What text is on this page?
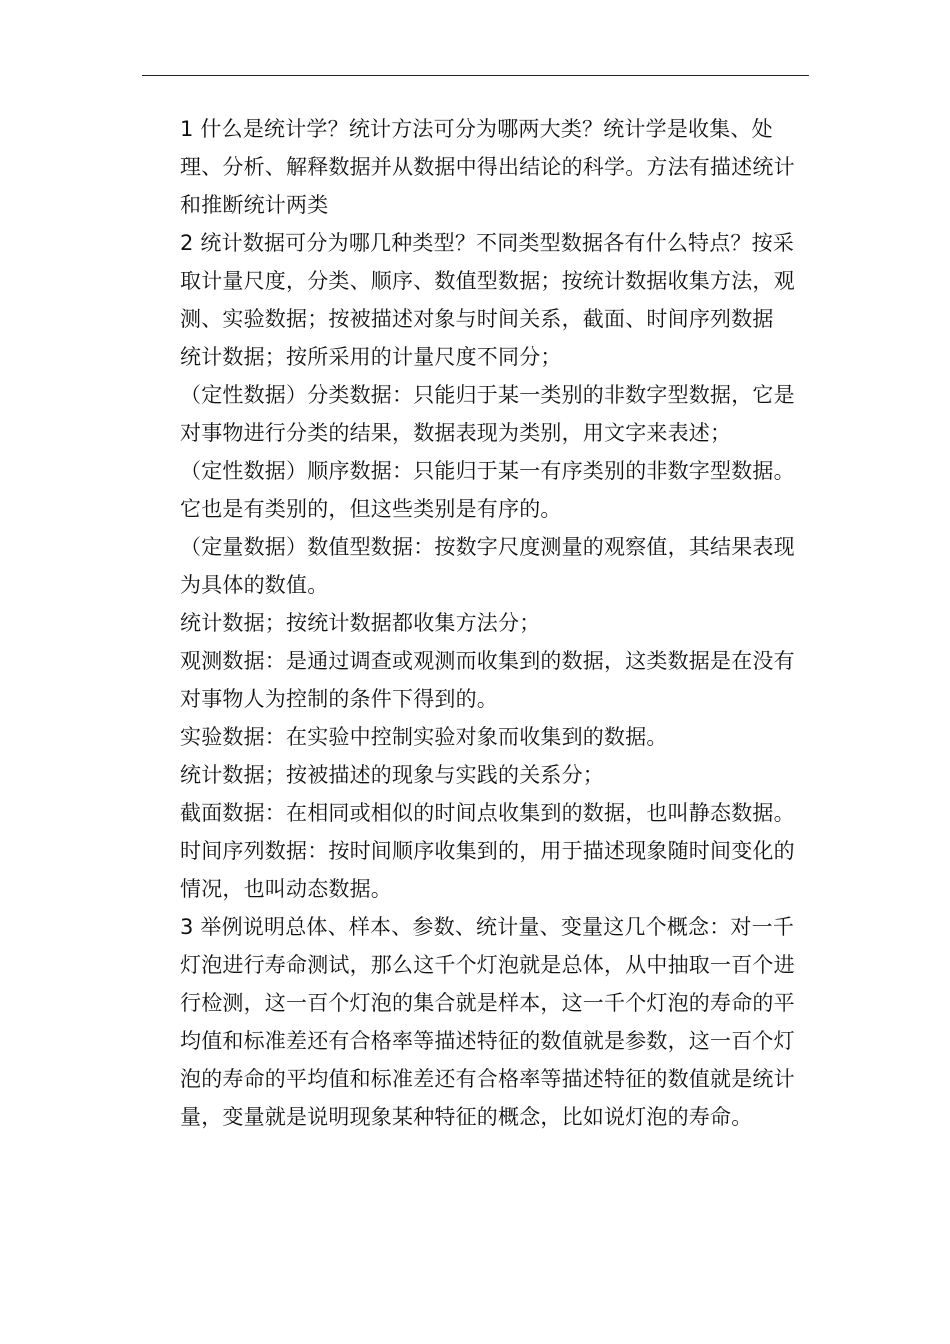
1 什么是统计学？统计方法可分为哪两大类？统计学是收集、处理、分析、解释数据并从数据中得出结论的科学。方法有描述统计和推断统计两类

2 统计数据可分为哪几种类型？不同类型数据各有什么特点？按采取计量尺度，分类、顺序、数值型数据；按统计数据收集方法，观测、实验数据；按被描述对象与时间关系，截面、时间序列数据

统计数据；按所采用的计量尺度不同分；

（定性数据）分类数据：只能归于某一类别的非数字型数据，它是对事物进行分类的结果，数据表现为类别，用文字来表述；

（定性数据）顺序数据：只能归于某一有序类别的非数字型数据。它也是有类别的，但这些类别是有序的。

（定量数据）数值型数据：按数字尺度测量的观察值，其结果表现为具体的数值。

统计数据；按统计数据都收集方法分；

观测数据：是通过调查或观测而收集到的数据，这类数据是在没有对事物人为控制的条件下得到的。

实验数据：在实验中控制实验对象而收集到的数据。

统计数据；按被描述的现象与实践的关系分；

截面数据：在相同或相似的时间点收集到的数据，也叫静态数据。

时间序列数据：按时间顺序收集到的，用于描述现象随时间变化的情况，也叫动态数据。

3 举例说明总体、样本、参数、统计量、变量这几个概念：对一千灯泡进行寿命测试，那么这千个灯泡就是总体，从中抽取一百个进行检测，这一百个灯泡的集合就是样本，这一千个灯泡的寿命的平均值和标准差还有合格率等描述特征的数值就是参数，这一百个灯泡的寿命的平均值和标准差还有合格率等描述特征的数值就是统计量，变量就是说明现象某种特征的概念，比如说灯泡的寿命。
